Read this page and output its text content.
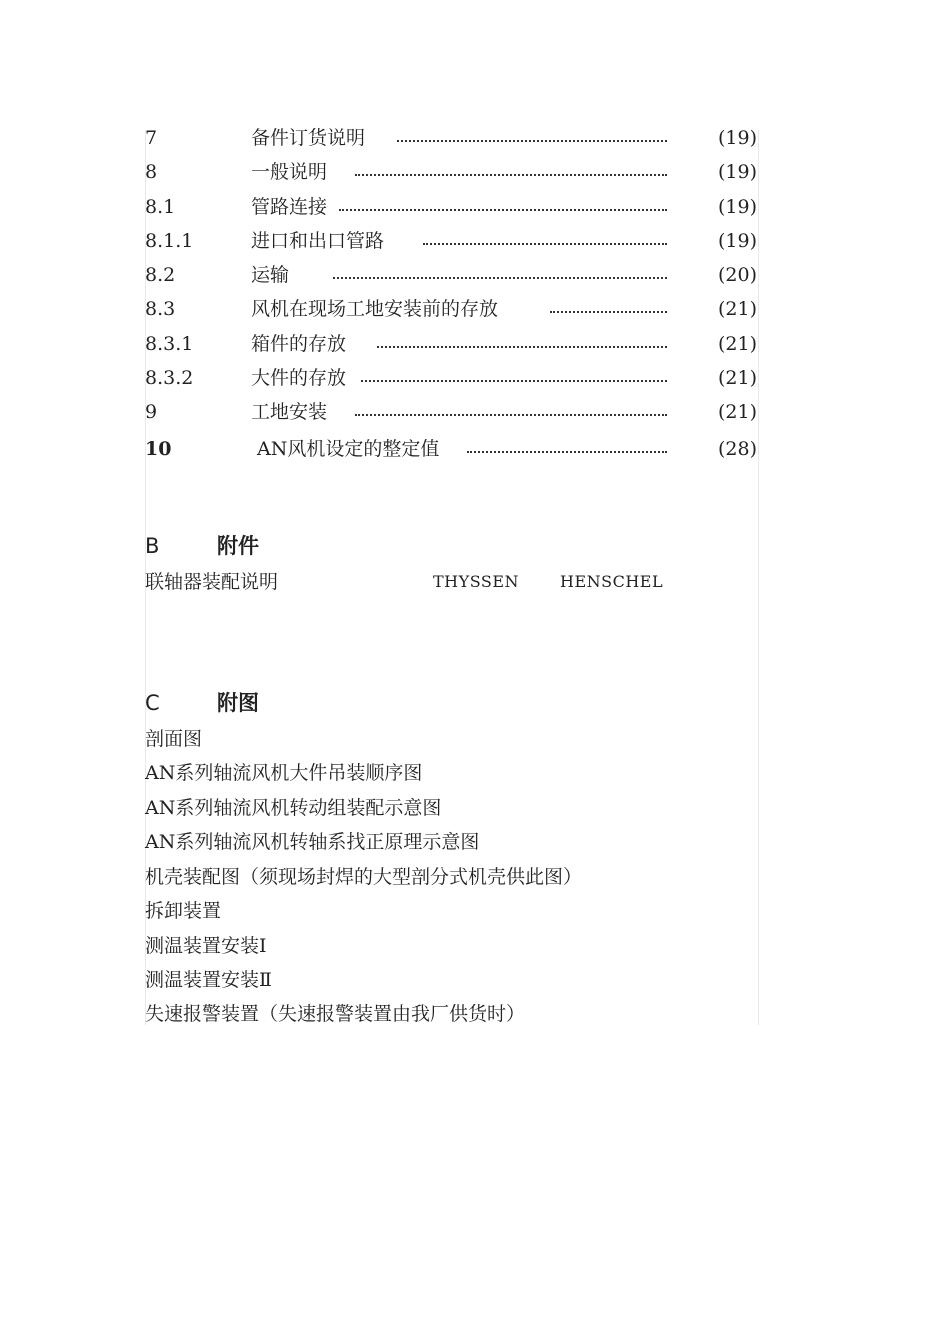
7	备件订货说明	(19)
8	一般说明	(19)
8.1	管路连接	(19)
8.1.1	进口和出口管路	(19)
8.2	运输	(20)
8.3	风机在现场工地安装前的存放	(21)
8.3.1	箱件的存放	(21)
8.3.2	大件的存放	(21)
9	工地安装	(21)
10	AN风机设定的整定值	(28)
B	附件
联轴器装配说明	THYSSEN	HENSCHEL
C	附图
剖面图
AN系列轴流风机大件吊装顺序图
AN系列轴流风机转动组装配示意图
AN系列轴流风机转轴系找正原理示意图
机壳装配图（须现场封焊的大型剖分式机壳供此图）
拆卸装置
测温装置安装Ⅰ
测温装置安装Ⅱ
失速报警装置（失速报警装置由我厂供货时）
